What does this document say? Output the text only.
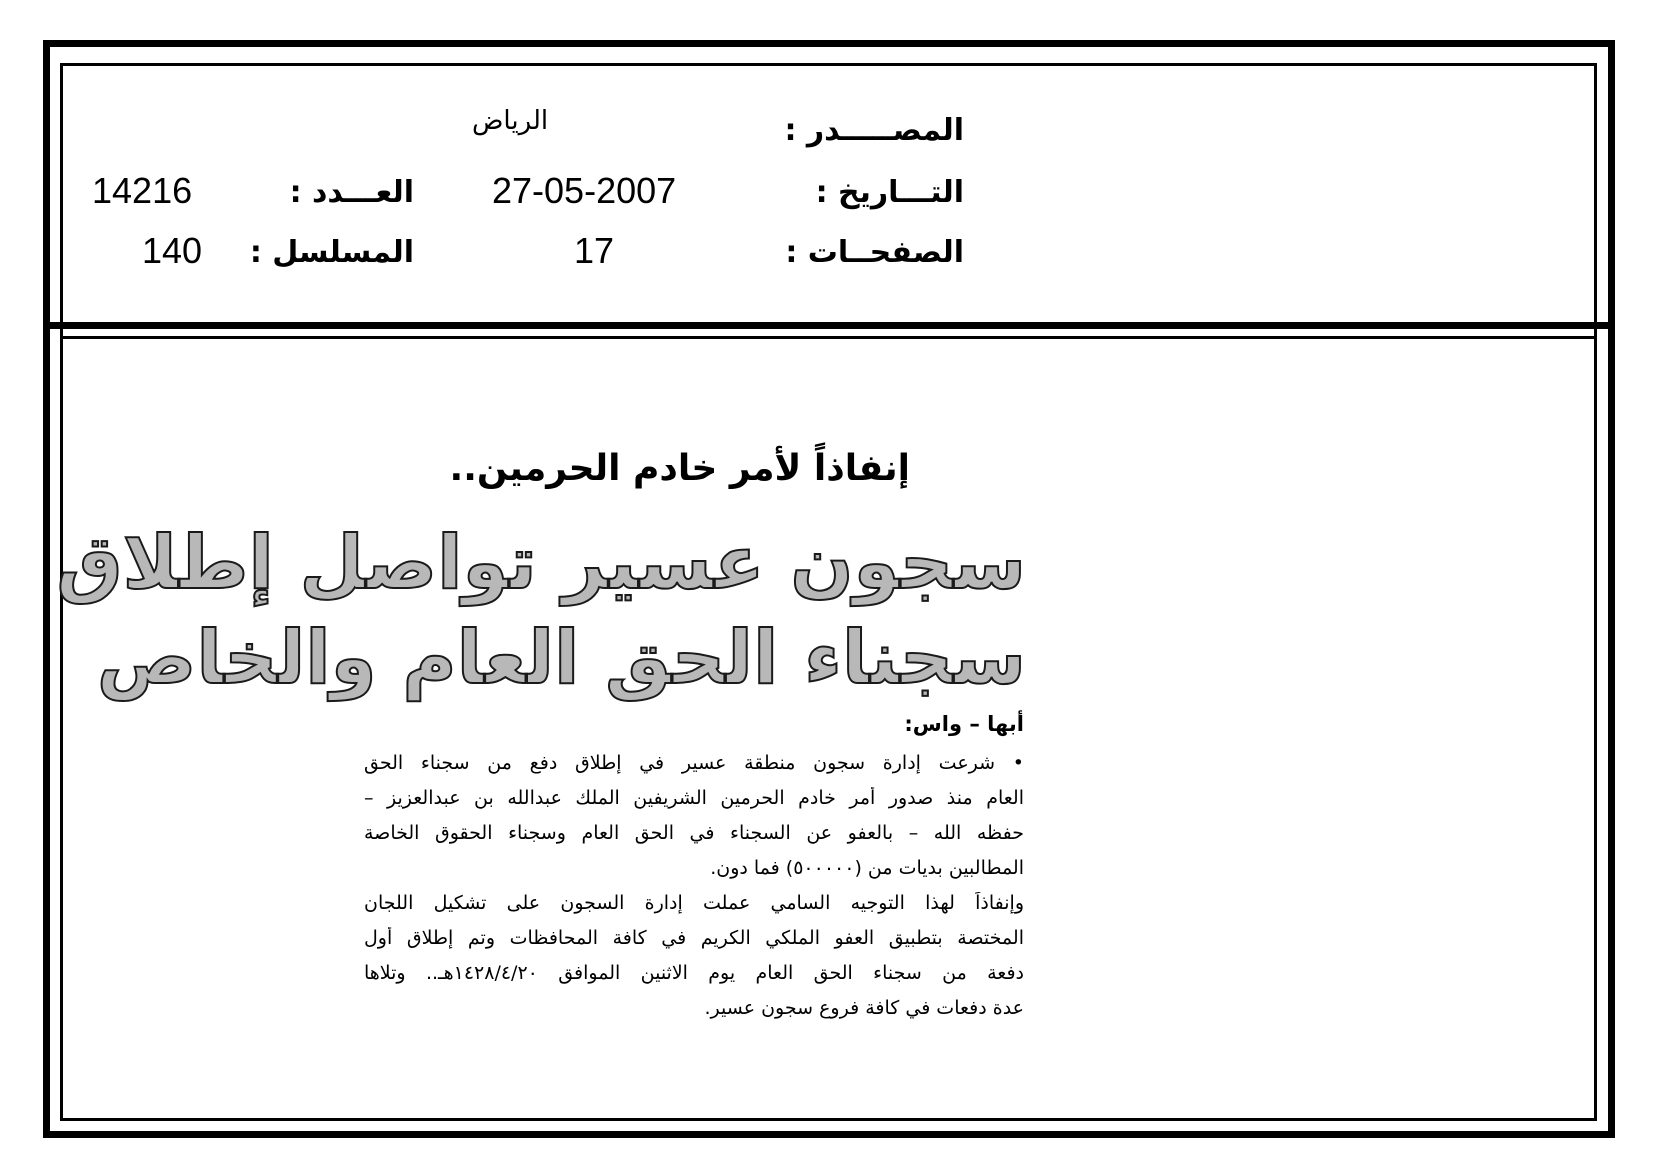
المصـــــدر :
الرياض
التـــاريخ :
27-05-2007
العـــدد :
14216
الصفحــات :
17
المسلسل :
140
إنفاذاً لأمر خادم الحرمين..
سجون عسير تواصل إطلاق
سجناء الحق العام والخاص
أبها – واس:
• شرعت إدارة سجون منطقة عسير في إطلاق دفع من سجناء الحق
العام منذ صدور أمر خادم الحرمين الشريفين الملك عبدالله بن عبدالعزيز –
حفظه الله – بالعفو عن السجناء في الحق العام وسجناء الحقوق الخاصة
المطالبين بديات من (٥٠٠٠٠٠) فما دون.
وإنفاذاً لهذا التوجيه السامي عملت إدارة السجون على تشكيل اللجان
المختصة بتطبيق العفو الملكي الكريم في كافة المحافظات وتم إطلاق أول
دفعة من سجناء الحق العام يوم الاثنين الموافق ١٤٢٨/٤/٢٠هـ.. وتلاها
عدة دفعات في كافة فروع سجون عسير.
